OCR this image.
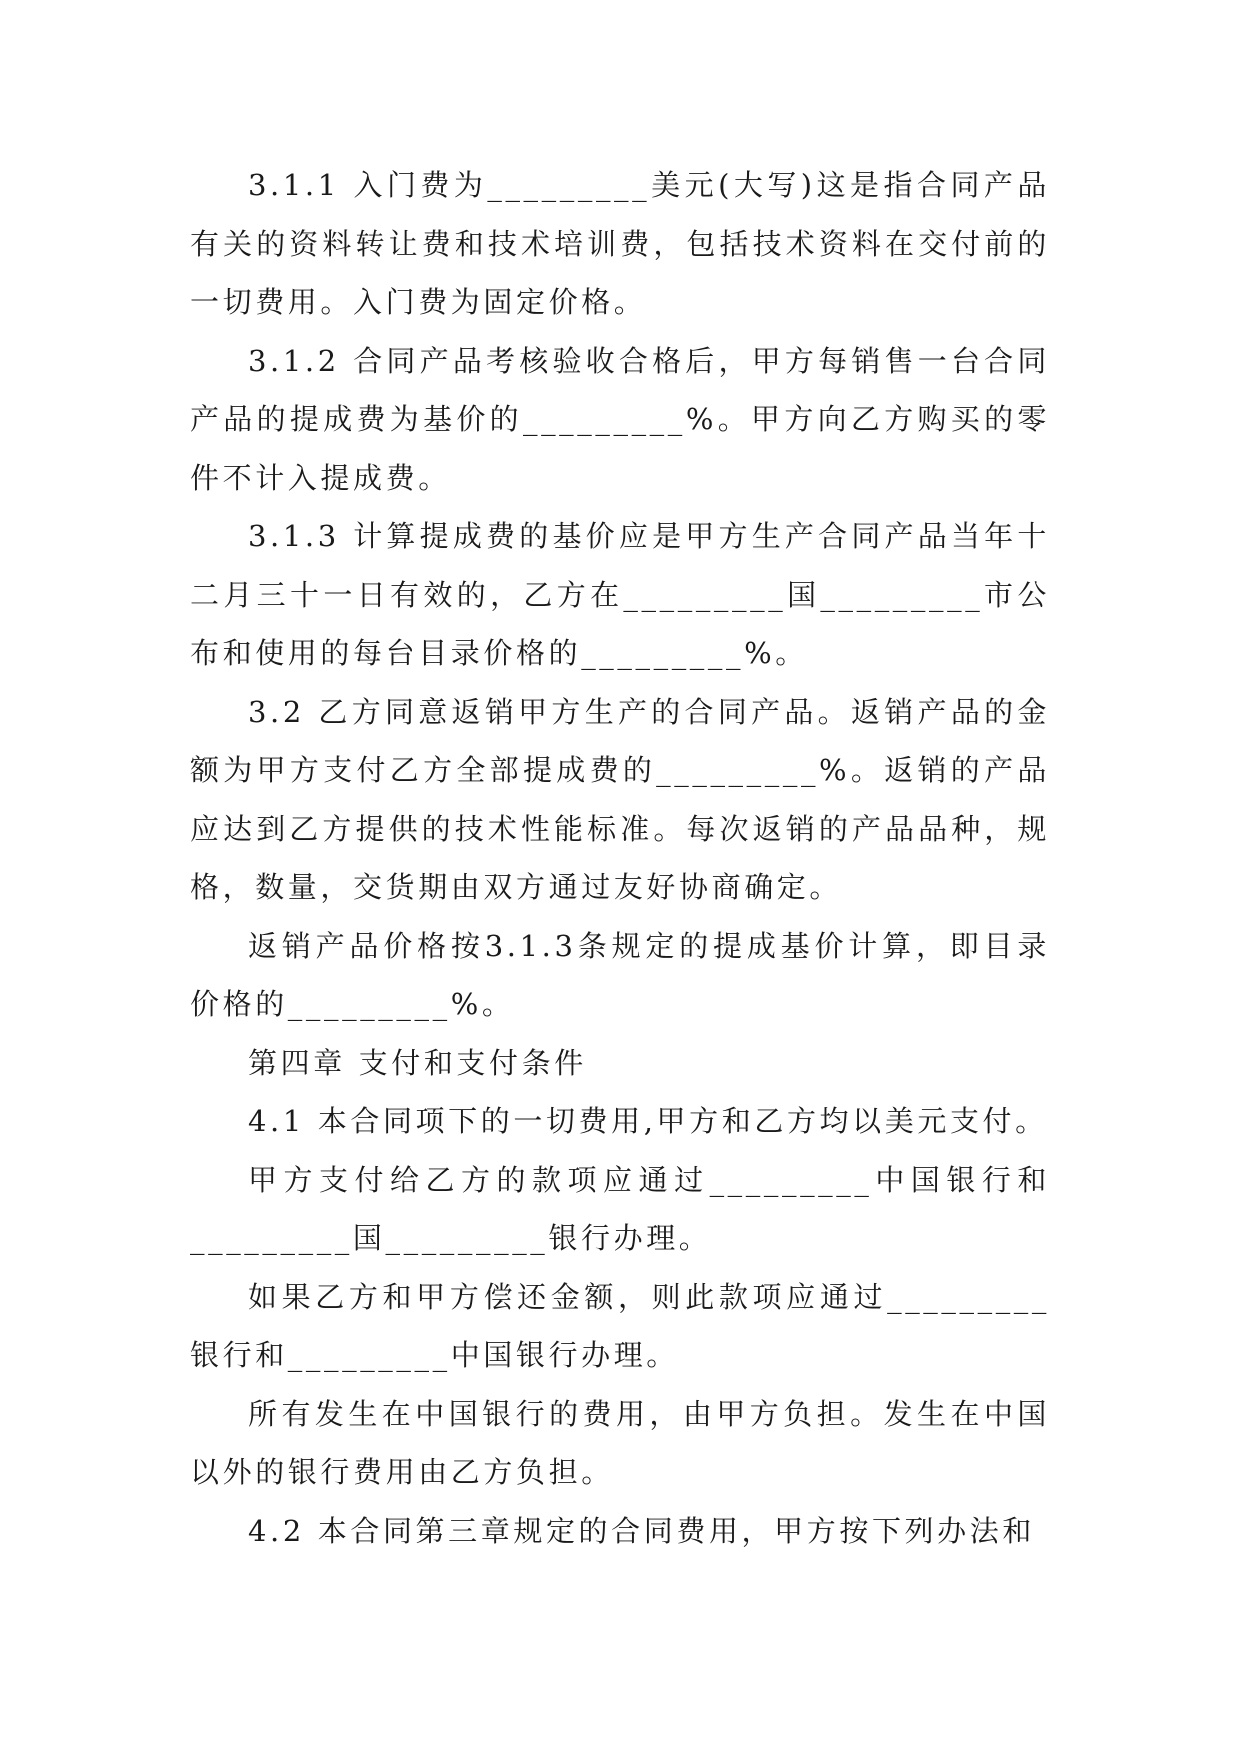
3.1.1 入门费为_________美元(大写)这是指合同产品有关的资料转让费和技术培训费，包括技术资料在交付前的一切费用。入门费为固定价格。

3.1.2 合同产品考核验收合格后，甲方每销售一台合同产品的提成费为基价的_________%。甲方向乙方购买的零件不计入提成费。

3.1.3 计算提成费的基价应是甲方生产合同产品当年十二月三十一日有效的，乙方在_________国_________市公布和使用的每台目录价格的_________%。

3.2 乙方同意返销甲方生产的合同产品。返销产品的金额为甲方支付乙方全部提成费的_________%。返销的产品应达到乙方提供的技术性能标准。每次返销的产品品种，规格，数量，交货期由双方通过友好协商确定。

返销产品价格按3.1.3条规定的提成基价计算，即目录价格的_________%。

第四章 支付和支付条件

4.1 本合同项下的一切费用,甲方和乙方均以美元支付。

甲方支付给乙方的款项应通过_________中国银行和_________国_________银行办理。

如果乙方和甲方偿还金额，则此款项应通过_________银行和_________中国银行办理。

所有发生在中国银行的费用，由甲方负担。发生在中国以外的银行费用由乙方负担。

4.2 本合同第三章规定的合同费用，甲方按下列办法和
